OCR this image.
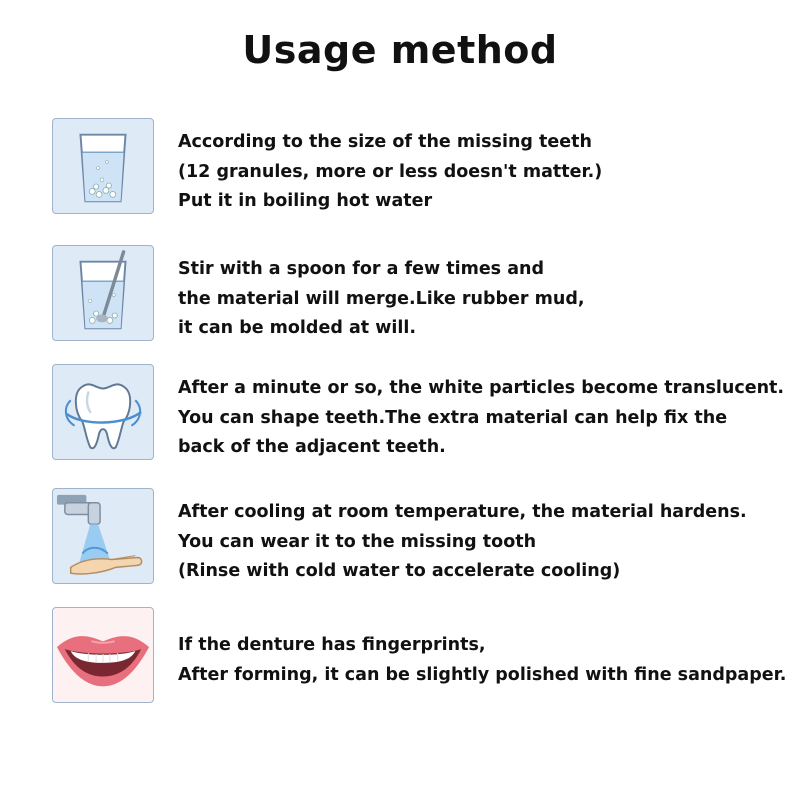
Usage method
According to the size of the missing teeth
(12 granules, more or less doesn't matter.)
Put it in boiling hot water
Stir with a spoon for a few times and
the material will merge.Like rubber mud,
it can be molded at will.
After a minute or so, the white particles become translucent.
You can shape teeth.The extra material can help fix the
back of the adjacent teeth.
After cooling at room temperature, the material hardens.
You can wear it to the missing tooth
(Rinse with cold water to accelerate cooling)
If the denture has fingerprints,
After forming, it can be slightly polished with fine sandpaper.
